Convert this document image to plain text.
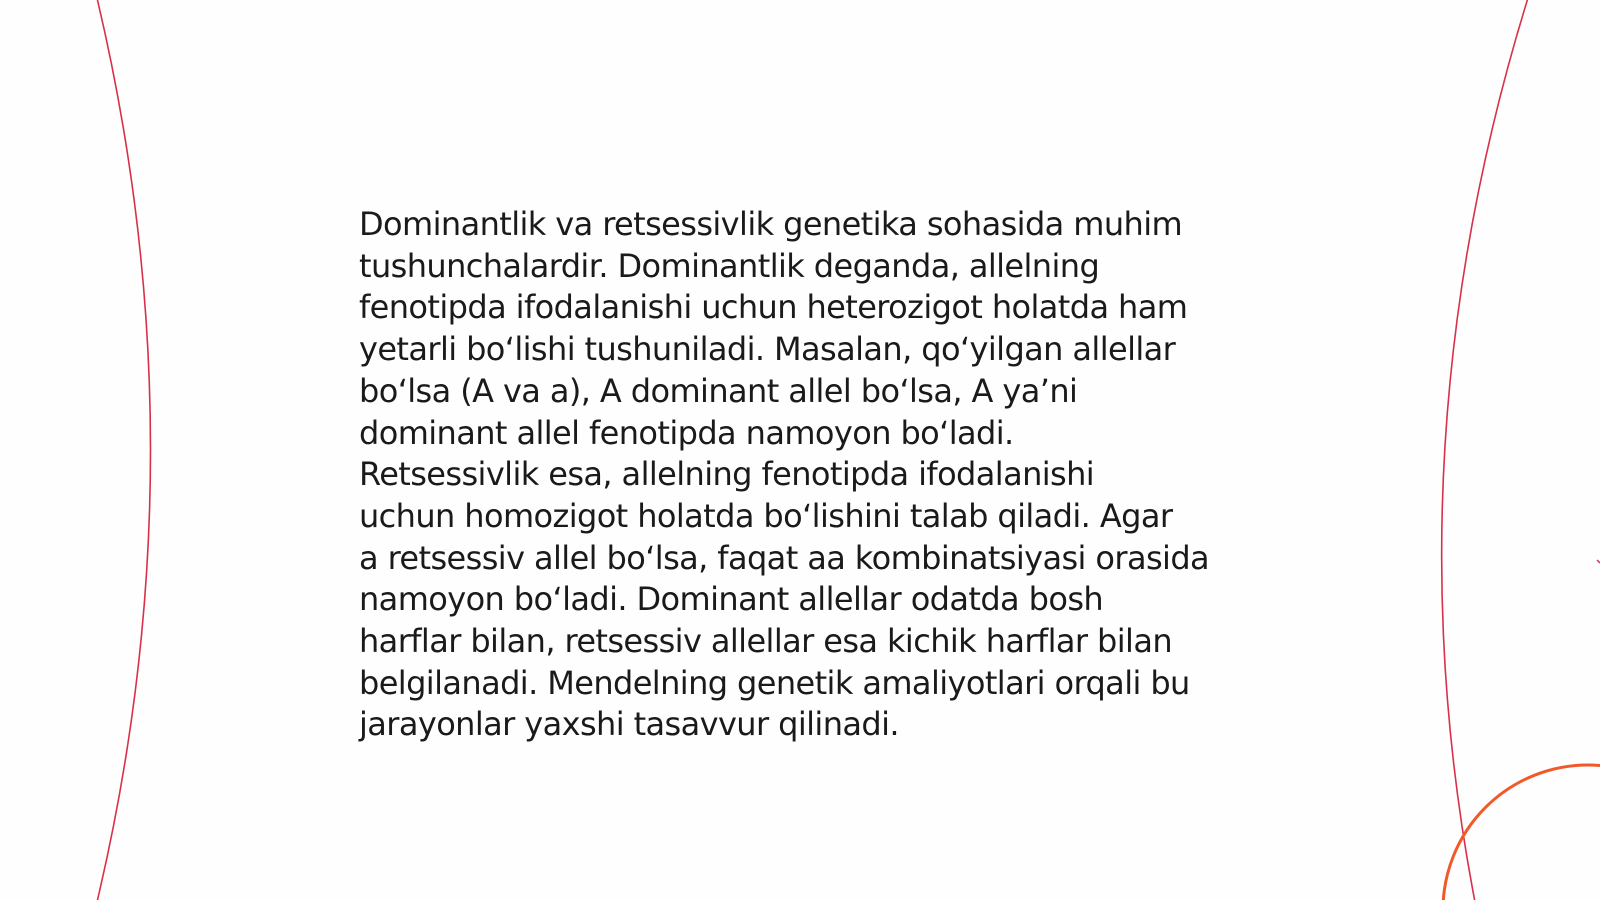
Dominantlik va retsessivlik genetika sohasida muhim
tushunchalardir. Dominantlik deganda, allelning
fenotipda ifodalanishi uchun heterozigot holatda ham
yetarli boʻlishi tushuniladi. Masalan, qoʻyilgan allellar
boʻlsa (A va a), A dominant allel boʻlsa, A yaʼni
dominant allel fenotipda namoyon boʻladi.
Retsessivlik esa, allelning fenotipda ifodalanishi
uchun homozigot holatda boʻlishini talab qiladi. Agar
a retsessiv allel boʻlsa, faqat aa kombinatsiyasi orasida
namoyon boʻladi. Dominant allellar odatda bosh
harflar bilan, retsessiv allellar esa kichik harflar bilan
belgilanadi. Mendelning genetik amaliyotlari orqali bu
jarayonlar yaxshi tasavvur qilinadi.
